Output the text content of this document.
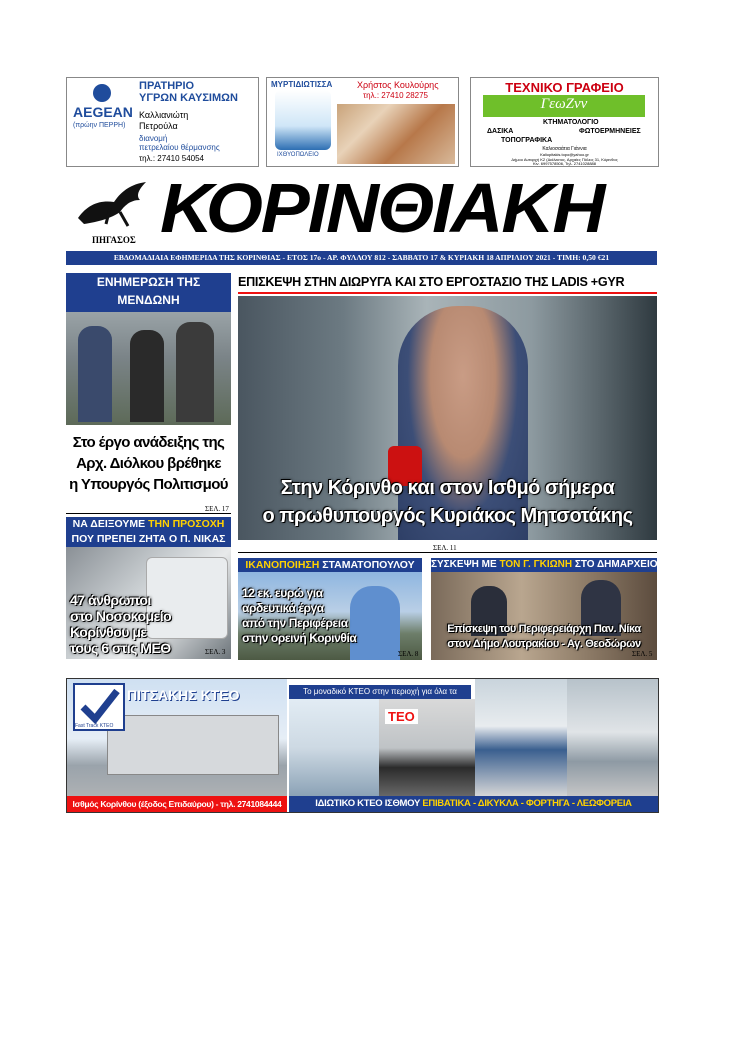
AEGEAN
(πρώην ΠΕΡΡΗ)
ΠΡΑΤΗΡΙΟ
ΥΓΡΩΝ ΚΑΥΣΙΜΩΝ
Καλλιανιώτη
Πετρούλα
διανομή
πετρελαίου θέρμανσης
τηλ.: 27410 54054
ΜΥΡΤΙΔΙΩΤΙΣΣΑ
ΙΧΘΥΟΠΩΛΕΙΟ
Χρήστος Κουλούρης
τηλ.: 27410 28275
ΤΕΧΝΙΚΟ ΓΡΑΦΕΙΟ
ΓεωΖνν
ΚΤΗΜΑΤΟΛΟΓΙΟ
ΔΑΣΙΚΑ	ΦΩΤΟΕΡΜΗΝΕΙΕΣ
ΤΟΠΟΓΡΑΦΙΚΑ
Καλιοσαάτια Γιάννια
Kaliopitakis.topo@yahoo.gr
Δήμου Αυταρχή Κ2 (Διάλεκτος, Αρχαίες Πόλεις 31, Κόρινθος
Κιν. 6997578506, Τηλ. 2741028888
ΠΗΓΑΣΟΣ ΚΟΡΙΝΘΙΑΚΗ
ΕΒΔΟΜΑΔΙΑΙΑ ΕΦΗΜΕΡΙΔΑ ΤΗΣ ΚΟΡΙΝΘΙΑΣ - ΕΤΟΣ 17ο - ΑΡ. ΦΥΛΛΟΥ 812 - ΣΑΒΒΑΤΟ 17 & ΚΥΡΙΑΚΗ 18 ΑΠΡΙΛΙΟΥ 2021 - ΤΙΜΗ: 0,50 €21
ΕΝΗΜΕΡΩΣΗ ΤΗΣ ΜΕΝΔΩΝΗ
Στο έργο ανάδειξης της
Αρχ. Διόλκου βρέθηκε
η Υπουργός Πολιτισμού
ΣΕΛ. 17
ΕΠΙΣΚΕΨΗ ΣΤΗΝ ΔΙΩΡΥΓΑ ΚΑΙ ΣΤΟ ΕΡΓΟΣΤΑΣΙΟ ΤΗΣ LADIS +GYR
Στην Κόρινθο και στον Ισθμό σήμερα
ο πρωθυπουργός Κυριάκος Μητσοτάκης
ΣΕΛ. 11
ΝΑ ΔΕΙΞΟΥΜΕ ΤΗΝ ΠΡΟΣΟΧΗ
ΠΟΥ ΠΡΕΠΕΙ ΖΗΤΑ Ο Π. ΝΙΚΑΣ
47 άνθρωποι
στο Νοσοκομείο
Κορίνθου με
τους 6 στις ΜΕΘ	ΣΕΛ. 3
ΙΚΑΝΟΠΟΙΗΣΗ ΣΤΑΜΑΤΟΠΟΥΛΟΥ
12 εκ. ευρώ για
αρδευτικά έργα
από την Περιφέρεια
στην ορεινή Κορινθία
ΣΕΛ. 8
ΣΥΣΚΕΨΗ ΜΕ ΤΟΝ Γ. ΓΚΙΩΝΗ ΣΤΟ ΔΗΜΑΡΧΕΙΟ
Επίσκεψη του Περιφερειάρχη Παν. Νίκα
στον Δήμο Λουτρακίου - Αγ. Θεοδώρων
ΣΕΛ. 5
Fast Track ΚΤΕΟ
ΠΙΤΣΑΚΗΣ ΚΤΕΟ
Ισθμός Κορίνθου (έξοδος Επιδαύρου) - τηλ. 2741084444
Το μοναδικό ΚΤΕΟ στην περιοχή για όλα τα
ΤΕΟ
ΙΔΙΩΤΙΚΟ ΚΤΕΟ ΙΣΘΜΟΥ ΕΠΙΒΑΤΙΚΑ - ΔΙΚΥΚΛΑ - ΦΟΡΤΗΓΑ - ΛΕΩΦΟΡΕΙΑ
